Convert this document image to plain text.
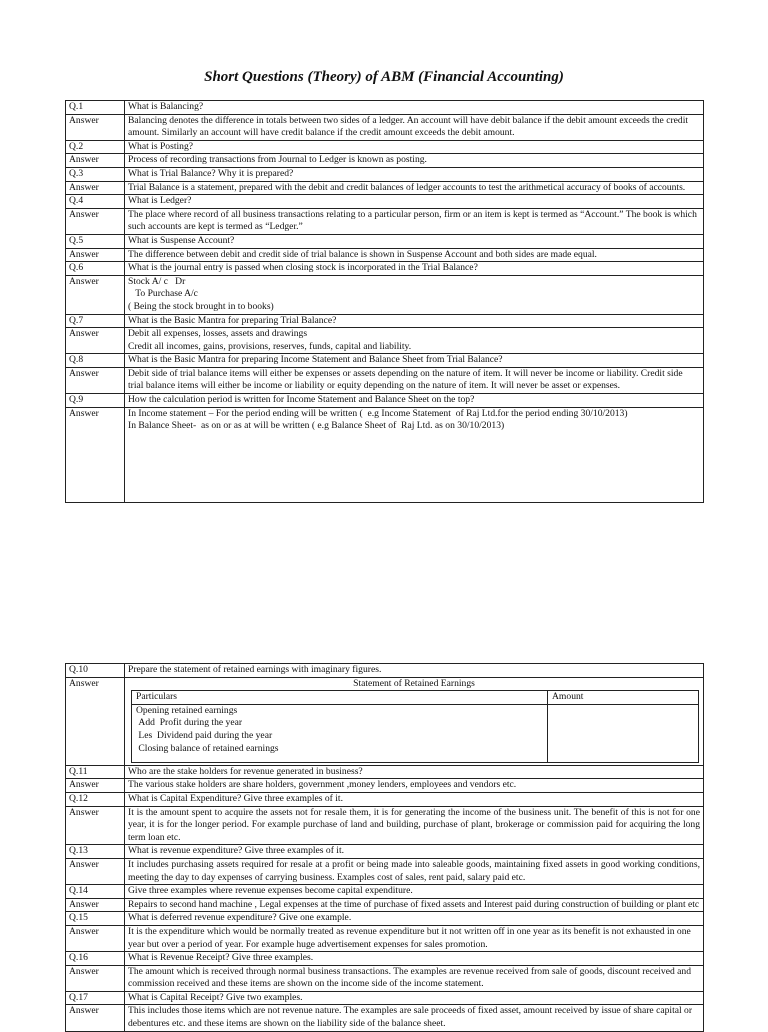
Short Questions (Theory) of ABM (Financial Accounting)
Q.1	What is Balancing?
Answer	Balancing denotes the difference in totals between two sides of a ledger. An account will have debit balance if the debit amount exceeds the credit amount. Similarly an account will have credit balance if the credit amount exceeds the debit amount.
Q.2	What is Posting?
Answer	Process of recording transactions from Journal to Ledger is known as posting.
Q.3	What is Trial Balance? Why it is prepared?
Answer	Trial Balance is a statement, prepared with the debit and credit balances of ledger accounts to test the arithmetical accuracy of books of accounts.
Q.4	What is Ledger?
Answer	The place where record of all business transactions relating to a particular person, firm or an item is kept is termed as “Account.” The book is which such accounts are kept is termed as “Ledger.”
Q.5	What is Suspense Account?
Answer	The difference between debit and credit side of trial balance is shown in Suspense Account and both sides are made equal.
Q.6	What is the journal entry is passed when closing stock is incorporated in the Trial Balance?
Answer	Stock A/ c   Dr
To Purchase A/c
( Being the stock brought in to books)
Q.7	What is the Basic Mantra for preparing Trial Balance?
Answer	Debit all expenses, losses, assets and drawings
Credit all incomes, gains, provisions, reserves, funds, capital and liability.
Q.8	What is the Basic Mantra for preparing Income Statement and Balance Sheet from Trial Balance?
Answer	Debit side of trial balance items will either be expenses or assets depending on the nature of item. It will never be income or liability. Credit side trial balance items will either be income or liability or equity depending on the nature of item. It will never be asset or expenses.
Q.9	How the calculation period is written for Income Statement and Balance Sheet on the top?
Answer	In Income statement – For the period ending will be written (  e.g Income Statement  of Raj Ltd.for the period ending 30/10/2013)
In Balance Sheet-  as on or as at will be written ( e.g Balance Sheet of  Raj Ltd. as on 30/10/2013)
Q.10	Prepare the statement of retained earnings with imaginary figures.
Answer	Statement of Retained Earnings
Particulars	Amount

Opening retained earnings
Add  Profit during the year
Les  Dividend paid during the year
Closing balance of retained earnings

Q.11	Who are the stake holders for revenue generated in business?
Answer	The various stake holders are share holders, government ,money lenders, employees and vendors etc.
Q.12	What is Capital Expenditure? Give three examples of it.
Answer	It is the amount spent to acquire the assets not for resale them, it is for generating the income of the business unit. The benefit of this is not for one year, it is for the longer period. For example purchase of land and building, purchase of plant, brokerage or commission paid for acquiring the long term loan etc.
Q.13	What is revenue expenditure? Give three examples of it.
Answer	It includes purchasing assets required for resale at a profit or being made into saleable goods, maintaining fixed assets in good working conditions, meeting the day to day expenses of carrying business. Examples cost of sales, rent paid, salary paid etc.
Q.14	Give three examples where revenue expenses become capital expenditure.
Answer	Repairs to second hand machine , Legal expenses at the time of purchase of fixed assets and Interest paid during construction of building or plant etc
Q.15	What is deferred revenue expenditure? Give one example.
Answer	It is the expenditure which would be normally treated as revenue expenditure but it not written off in one year as its benefit is not exhausted in one year but over a period of year. For example huge advertisement expenses for sales promotion.
Q.16	What is Revenue Receipt? Give three examples.
Answer	The amount which is received through normal business transactions. The examples are revenue received from sale of goods, discount received and commission received and these items are shown on the income side of the income statement.
Q.17	What is Capital Receipt? Give two examples.
Answer	This includes those items which are not revenue nature. The examples are sale proceeds of fixed asset, amount received by issue of share capital or debentures etc. and these items are shown on the liability side of the balance sheet.
